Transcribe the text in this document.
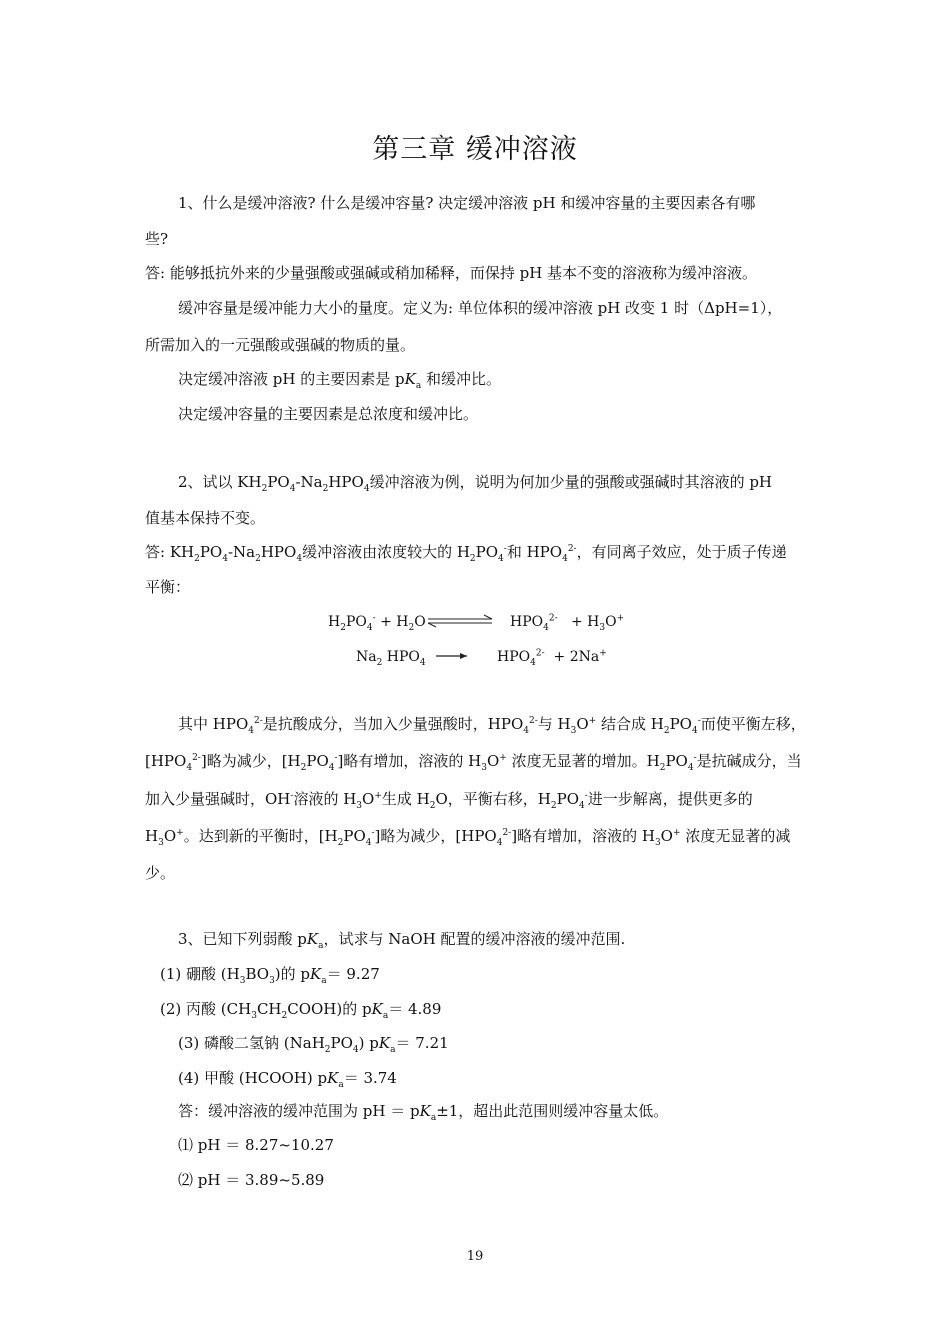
第三章 缓冲溶液
1、什么是缓冲溶液? 什么是缓冲容量? 决定缓冲溶液 pH 和缓冲容量的主要因素各有哪
些?
答: 能够抵抗外来的少量强酸或强碱或稍加稀释，而保持 pH 基本不变的溶液称为缓冲溶液。
缓冲容量是缓冲能力大小的量度。定义为: 单位体积的缓冲溶液 pH 改变 1 时（ΔpH=1），
所需加入的一元强酸或强碱的物质的量。
决定缓冲溶液 pH 的主要因素是 $pK_a$ 和缓冲比。
决定缓冲容量的主要因素是总浓度和缓冲比。
2、试以 $KH_2PO_4-Na_2HPO_4$缓冲溶液为例，说明为何加少量的强酸或强碱时其溶液的 pH
值基本保持不变。
答: $KH_2PO_4-Na_2HPO_4$缓冲溶液由浓度较大的 $H_2PO_4^-$和 $HPO_4^{2-}$，有同离子效应，处于质子传递
平衡：
$H_2PO_4^- + H_2O$	$HPO_4^{2-} + H_3O^+$
$Na_2$ $HPO_4$	$HPO_4^{2-} + 2Na^+$
其中 $HPO_4^{2-}$是抗酸成分，当加入少量强酸时，$HPO_4^{2-}$与 $H_3O^+$ 结合成 $H_2PO_4^-$而使平衡左移，
$[HPO_4^{2-}]$略为减少，$[H_2PO_4^-]$略有增加，溶液的 $H_3O^+$ 浓度无显著的增加。$H_2PO_4^-$是抗碱成分，当
加入少量强碱时，OH-溶液的 $H_3O^+$生成 $H_2O$，平衡右移，$H_2PO_4^-$进一步解离，提供更多的
$H_3O^+$。达到新的平衡时，$[H_2PO_4^-]$略为减少，$[HPO_4^{2-}]$略有增加，溶液的 $H_3O^+$ 浓度无显著的减
少。
3、已知下列弱酸 $pK_a$，试求与 NaOH 配置的缓冲溶液的缓冲范围.
(1) 硼酸 $(H_3BO_3)$的 $pK_a= 9.27$
(2) 丙酸 $(CH_3CH_2COOH)$的 $pK_a= 4.89$
(3) 磷酸二氢钠 $(NaH_2PO_4)$ $pK_a= 7.21$
(4) 甲酸 (HCOOH) $pK_a= 3.74$
答：缓冲溶液的缓冲范围为 pH ＝ $pK_a\pm 1$，超出此范围则缓冲容量太低。
⑴ pH ＝ 8.27~10.27
⑵ pH ＝ 3.89~5.89
19
